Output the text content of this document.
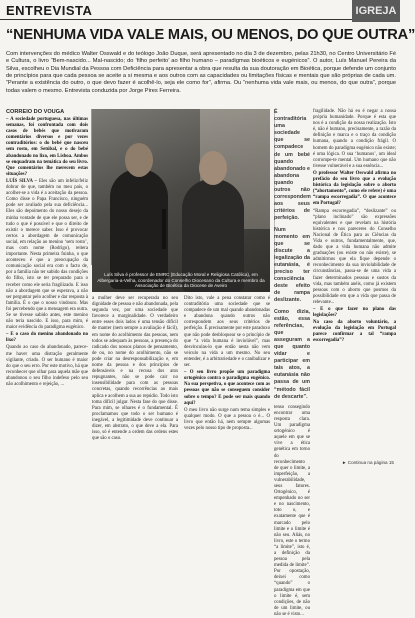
ENTREVISTA	IGREJA
“NENHUMA VIDA VALE MAIS, OU MENOS, DO QUE OUTRA”
Com intervenções do médico Walter Osswald e do teólogo João Duque, será apresentado no dia 3 de dezembro, pelas 21h30, no Centro Universitário Fé e Cultura, o livro “Bem-nascido... Mal-nascido; do ‘filho perfeito’ ao filho humano – paradigmas bioéticos e eugénicos”. O autor, Luís Manuel Pereira da Silva, escolheu o Dia Mundial da Pessoa com Deficiência para apresentar a obra que resulta da sua doutoração em Bioética, porque defende um conjunto de princípios para que cada pessoa se aceite a si mesma e aos outros com as capacidades ou limitações físicas e mentais que são próprias de cada um. “Perante a existência do outro, o que devo fazer é acolhê-lo, seja ele como for”, afirma. Ou “nenhuma vida vale mais, ou menos, do que outra”, porque todas valem o mesmo. Entrevista conduzida por Jorge Pires Ferreira.

CORREIO DO VOUGA

– A sociedade portuguesa, nas últimas semanas, foi confrontada com dois casos de bebés que motivaram comentários diversos e por vezes contraditórios: o do bebé que nasceu sem rosto, em Setúbal, e o do bebé abandonado no lixo, em Lisboa. Ambos se enquadram na temática do seu livro. Que comentários lhe merecem estas situações?

LUÍS SILVA – Eles são um infeliz/feliz dobrar de que, também no meu país, o acolher-se a vida é a aceitação da pessoa. Como disse o Papa Francisco, ninguém pode ser avaliado pela sua deficiência... Eles são depoimento do nosso desejo da minha vontade de que ele possa ser, e de tudo o que é possível e que o direito de existir o merece saber. Isso é provocar certos a abordagem de comunicação social, em relação ao menino ‘sem rosto’, mas com nome (Rodrigo), reitera importante. Nesta primeira fuinha, o que aconteceu é que a preocupação da comunicação social era com o facto de, por a família não ter sabido das condições do filho, isto se ter preparado para o receber como ele seria fragilizado. E isso não a abordagem que se esperava, a não ser perguntar pelo acolher e dar resposta à família. É o que o nosso vindouro. Mas foi percebendo que a mensagem era outra. Se se tivesse sabido antes, este menino não teria nascido. E isso, para mim, é maior evidência do paradigma eugénico.

– E o caso do menino abandonado no lixo?

Quando ao caso do abandonado, parece-me haver uma distração geralmente vigilante, criado. O ser humano é maior do que o seu erro. Por este motivo, há que reconhecer que olhar para aquela mãe que abandonou o seu filho indefeso pelo seu não acolhimento e rejeição, ...

Luís Silva é professor de EMRC (Educação Moral e Religiosa Católica), em Albergaria-a-Velha, coordenador do Conselho Diocesano da Cultura e membro da Associação de Bioética da Diocese de Aveiro

a mulher deve ser recuperada no seu dignidade de pessoa e não abandonada, pela segunda vez, por uma sociedade que favorece a marginalidade. O verdadeiro entre esses dois lados é uma tensão difícil de manter (nem sempre a avaliação é fácil), em nome do acolhimento das pessoas, nem todos se adequam às pessoas, a presença do radicado dos nossos planos de pensamento, de ou, no nome do acolhimento, não se pode criar na desresponsabilização e, em nome da pessoa e dos princípios de defensáveis e na recusa dos atos repugnantes, não se pode cair no insensibilidade para com as pessoas concretas, quando recorrências ao mais aplica e acolhem a sua ao repúdio. Todo isto toma difícil julgar. Nesta fase do que disse. Para mim, se olhares é o fundamental. É proclamamos que todo o ser humano é inegável, a legitimidade deve continuar a dizer, em abstrato, o que deve a ela. Para isso, só é entende a ordem das ordens estes que são o caso.

Dito isto, vale a pena constatar como é contraditória uma sociedade que se compadece de um mal quando abandonadas e abandona quando outros não correspondem aos seus critérios de perfeição. É precisamente por este paradoxo que não pode desbloquear se o princípio de que “a vida humana é inviolável”, mas desvinculas-lo que então nesta não vem veiculo na vida a um mesmo. No seu entender, é a arbitrariedade e o canibalizar e ser.

– O seu livro propõe um paradigma ortogénico contra o paradigma eugénico. Na sua perspetiva, o que acontece com as pessoas que não se conseguem consider sobre o tempo? E pode ser mais quando aqui?

O meu livro não surge num tema simples e qualquer modo. O que a pessoa o é... O livro que então há, nem sempre algumas vezes pelo nosso tipo de proposta...

É contraditória uma sociedade que se compadece de um bebé quando abandonado e abandona quando outros não correspondem aos seus critérios de perfeição.

Num momento em que se discute a legalização da eutanásia, é preciso ter consciência deste efeito de rampa deslizante.

Como dizia, estão, essa referências, que asseguram a que quanto vidar e participar em tais atos, a eutanásia não passa de um “método fácil de descarte”.

tenso consegindo encontrar uma resposta clara. Um paradigma ortogénico é aquele em que se vive a ética genética em torno do reconhecimento de quer o limite, a imperfeição, a vulnerabilidade, seus fatores. Ortogénico, é empenhado no ser e no nascimento, toto o, e exatamente que é marcado pelo limite e o limite é não seu. Aliás, no livro, este o termo “a limite”, isto é, a definição da pessoa pela medida de limite”. Por opostação, deixei como “quando” o paradigma em que o limite é, sem condições, de não de um limite, ou não se é visto...

fragilidade. Não há eu é negar a nossa própria humanidade. Porque é esta que nos é a condição da nossa realização. Isto é, não é humano, precisamente, a razão da definição e marca e o traço da condição humana, quando a condição frágil. O homem do paradigma eugénico não existe; é uma lógica. O sua ‘humanos’, um ideal corrompe-te mental. Um humano que não tivesse vulnerável e a sua essência...

O professor Walter Osswald afirma no prefácio do seu livro que a evolução histórica da legislação sobre o aborto (“abortamento”, como ele refere) é uma “rampa escorregadia”. O que acontece em Portugal?

“Rampa escorregadia”, “deslizante” ou “plano inclinado” são expressões equivalentes e que revelam na história histórica e nos pareceres do Conselho Nacional de Ética para as Ciências da Vida e outros, fundamentalmente, que, dado que a vida humana não admite graduações (ou existe ou não existe), se admitirmos que ela fique depende o reconhecimento da sua inviolabilidade de circunstâncias, passa-se de uma vida a fazer determinados pessoas e sustos da vida, mas também anéis, como já existem pessoas com o aborto que posmos da possibilidade em que a vida que passa de relevante...

– E o que fazer no plano das legislações?

Na caso da aborto voluntário, a evolução da legislação em Portugal parece confirmar a tal “rampa escorregadia”?

► Continua na página 15
